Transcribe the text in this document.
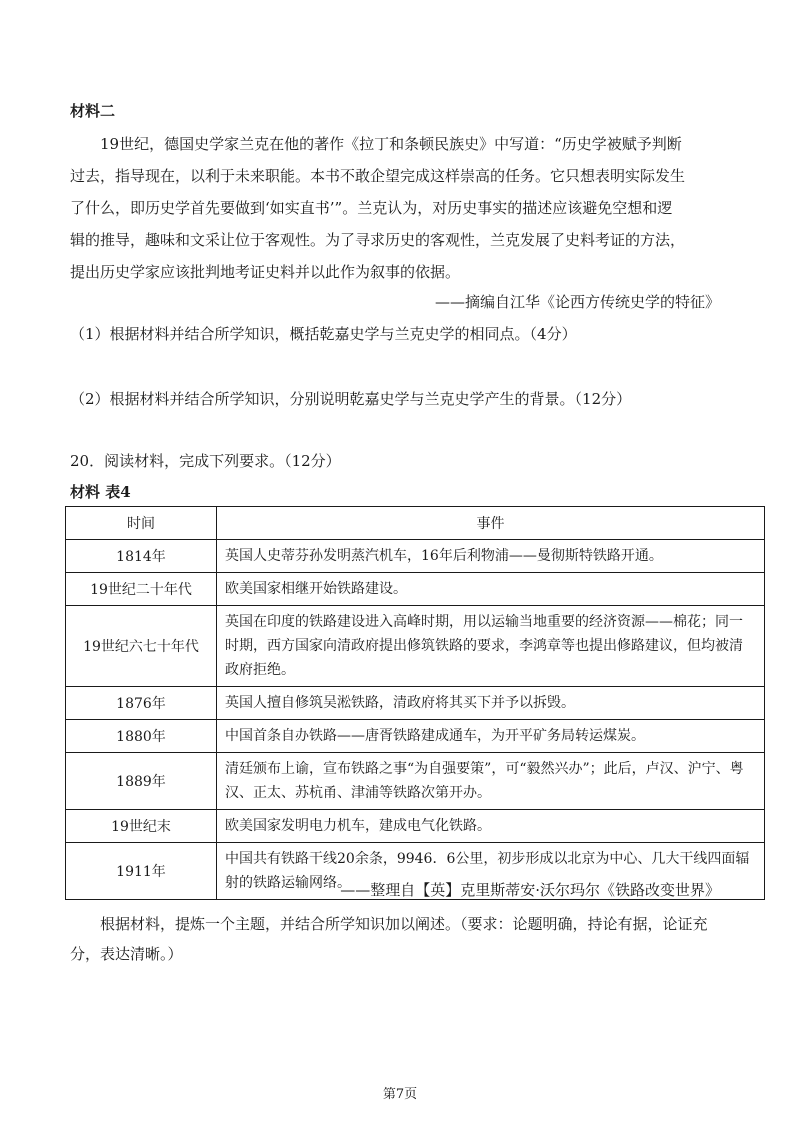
材料二

19世纪，德国史学家兰克在他的著作《拉丁和条顿民族史》中写道：“历史学被赋予判断

过去，指导现在，以利于未来职能。本书不敢企望完成这样崇高的任务。它只想表明实际发生

了什么，即历史学首先要做到‘如实直书’”。兰克认为，对历史事实的描述应该避免空想和逻

辑的推导，趣味和文采让位于客观性。为了寻求历史的客观性，兰克发展了史料考证的方法，

提出历史学家应该批判地考证史料并以此作为叙事的依据。

——摘编自江华《论西方传统史学的特征》
（1）根据材料并结合所学知识，概括乾嘉史学与兰克史学的相同点。（4分）
（2）根据材料并结合所学知识，分别说明乾嘉史学与兰克史学产生的背景。（12分）
20．阅读材料，完成下列要求。（12分）
材料 表4
时间	事件
1814年	英国人史蒂芬孙发明蒸汽机车，16年后利物浦——曼彻斯特铁路开通。
19世纪二十年代	欧美国家相继开始铁路建设。
19世纪六七十年代	英国在印度的铁路建设进入高峰时期，用以运输当地重要的经济资源——棉花；同一时期，西方国家向清政府提出修筑铁路的要求，李鸿章等也提出修路建议，但均被清政府拒绝。
1876年	英国人擅自修筑吴淞铁路，清政府将其买下并予以拆毁。
1880年	中国首条自办铁路——唐胥铁路建成通车，为开平矿务局转运煤炭。
1889年	清廷颁布上谕，宣布铁路之事“为自强要策”，可“毅然兴办”；此后，卢汉、沪宁、粤汉、正太、苏杭甬、津浦等铁路次第开办。
19世纪末	欧美国家发明电力机车，建成电气化铁路。
1911年	中国共有铁路干线20余条，9946．6公里，初步形成以北京为中心、几大干线四面辐射的铁路运输网络。
——整理自【英】克里斯蒂安·沃尔玛尔《铁路改变世界》
根据材料，提炼一个主题，并结合所学知识加以阐述。（要求：论题明确，持论有据，论证充分，表达清晰。）
第7页
